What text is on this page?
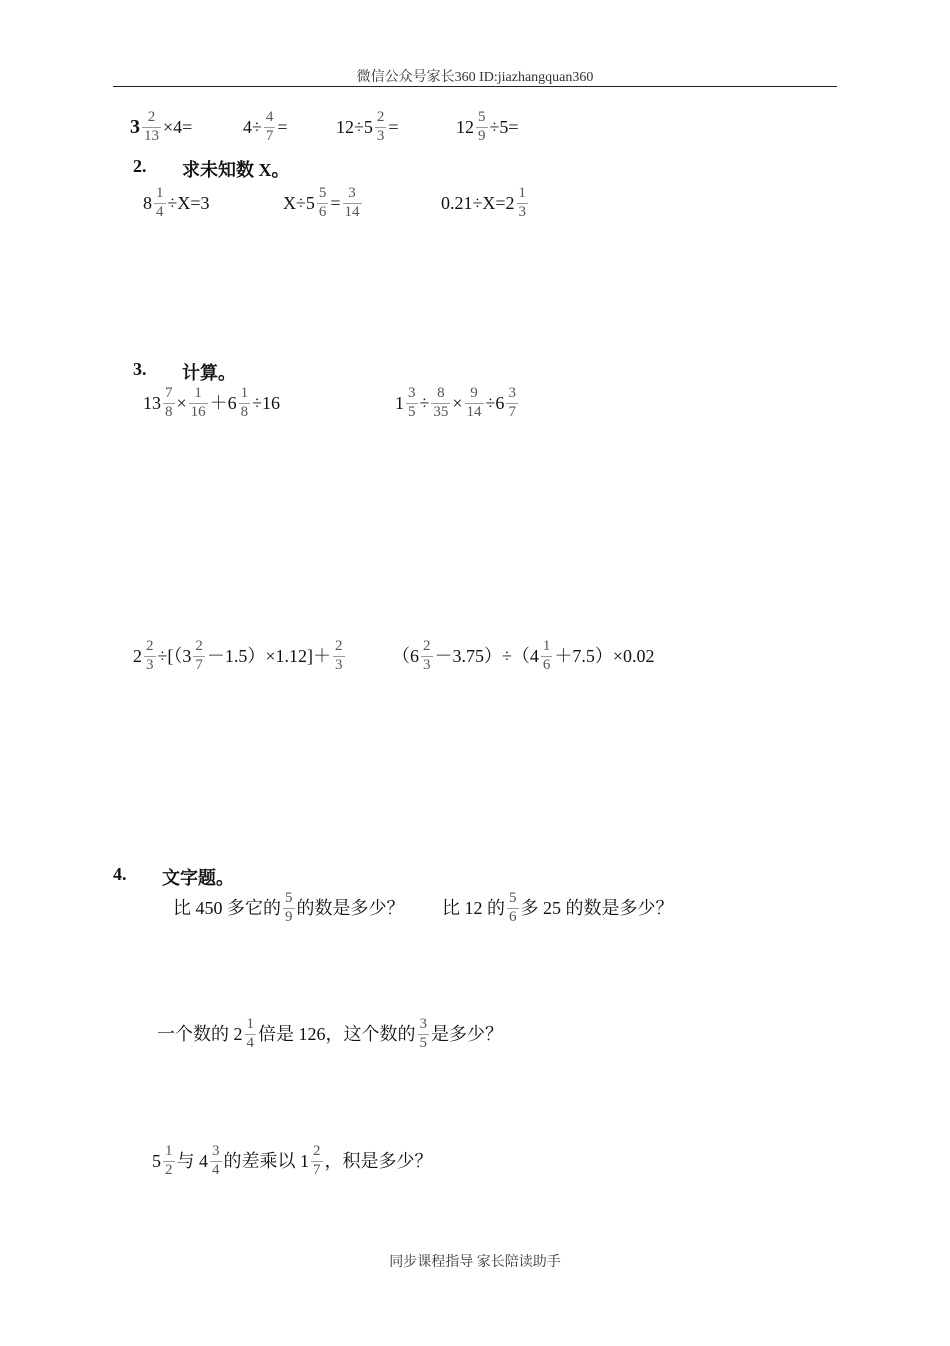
微信公众号家长360 ID:jiazhangquan360
$3 \frac{2}{13} \times 4=$	$4\div \frac{4}{7}$ =	$12\div 5 \frac{2}{3}$ =	$12 \frac{5}{9} \div 5=$
2. 求未知数 X。
$8 \frac{1}{4} \div X=3$	$X\div 5 \frac{5}{6} = \frac{3}{14}$	$0.21\div X=2 \frac{1}{3}$
3. 计算。
$13 \frac{7}{8} \times \frac{1}{16} +6 \frac{1}{8} \div 16$	$1 \frac{3}{5} \div \frac{8}{35} \times \frac{9}{14} \div 6 \frac{3}{7}$
$2 \frac{2}{3} \div[(3 \frac{2}{7} -1.5)\times 1.12]+ \frac{2}{3}$	$(6 \frac{2}{3} -3.75)\div(4 \frac{1}{6} +7.5)\times 0.02$
4. 文字题。
比 450 多它的 $\frac{5}{9}$ 的数是多少？ 比 12 的 $\frac{5}{6}$ 多 25 的数是多少？
一个数的 $2 \frac{1}{4}$ 倍是 126，这个数的 $\frac{3}{5}$ 是多少？
$5 \frac{1}{2}$ 与 $4 \frac{3}{4}$ 的差乘以 $1 \frac{2}{7}$ ，积是多少？
同步课程指导 家长陪读助手
